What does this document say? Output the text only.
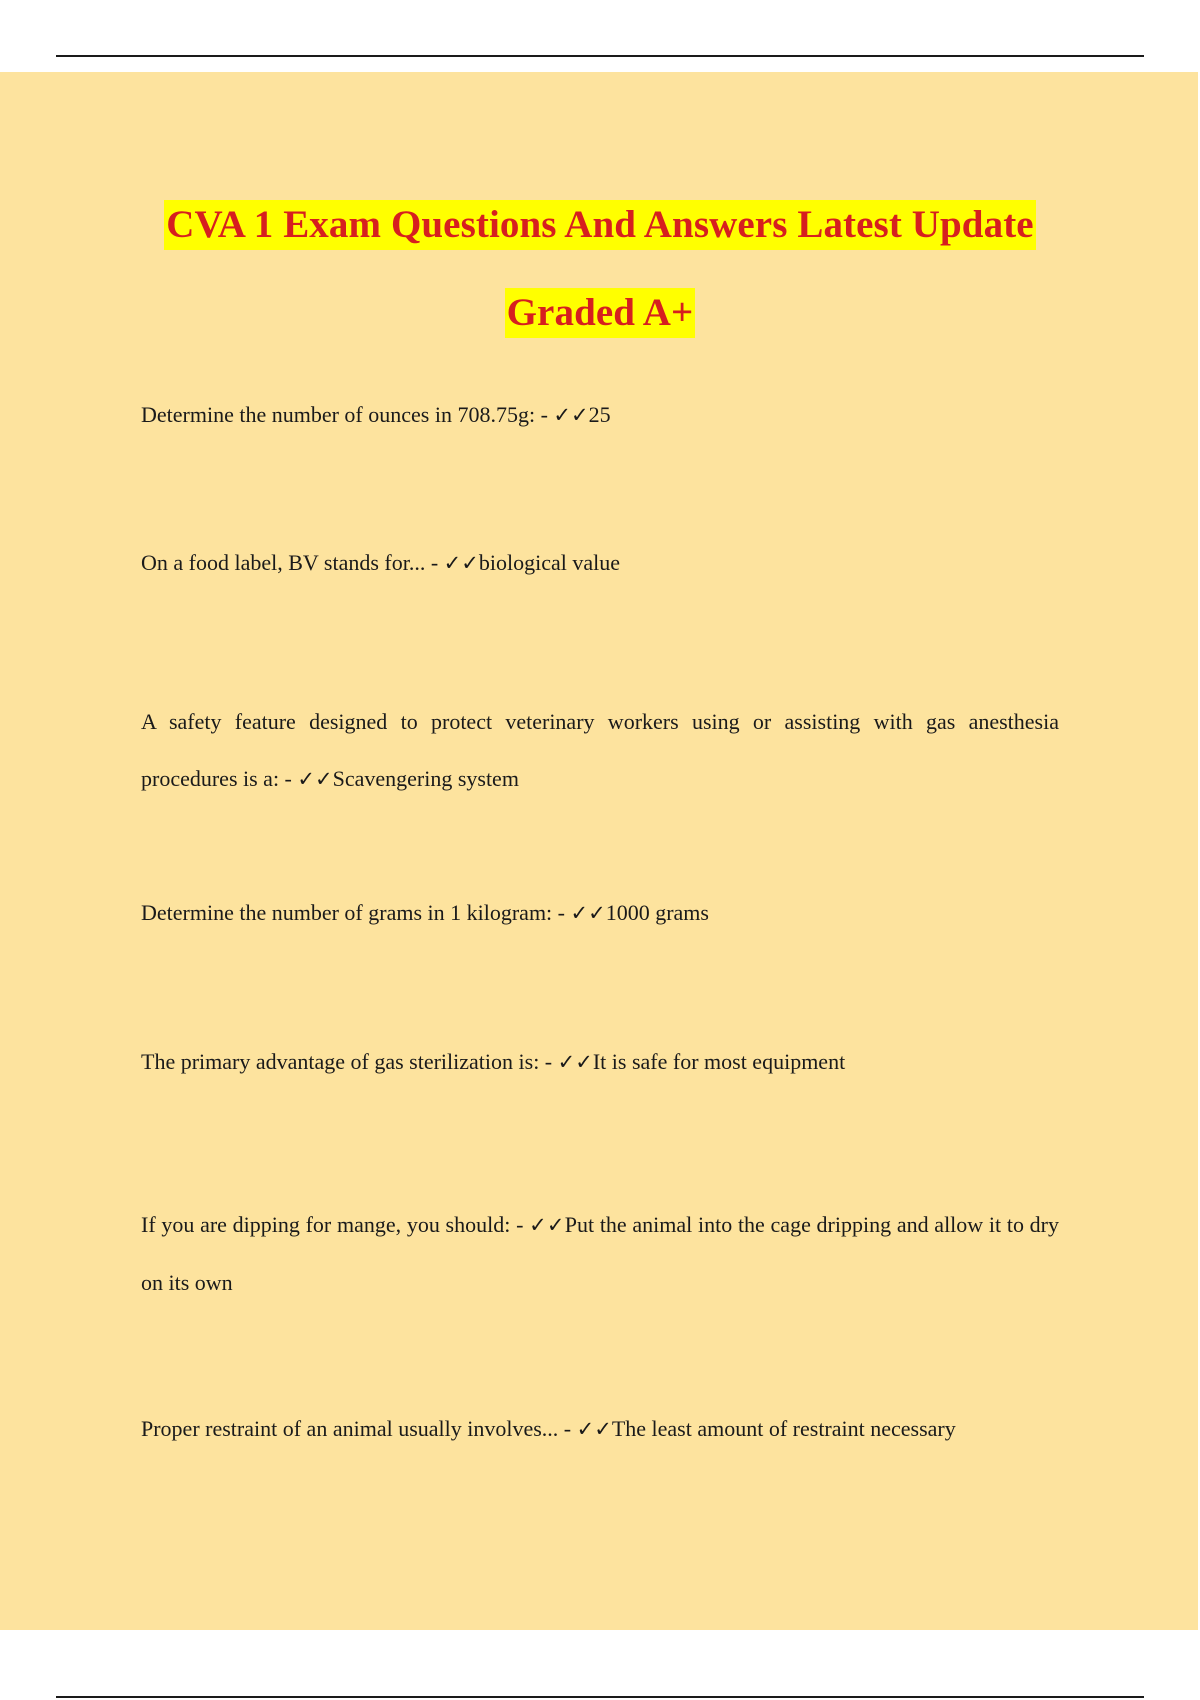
CVA 1 Exam Questions And Answers Latest Update
Graded A+

Determine the number of ounces in 708.75g: - ✓✓25

On a food label, BV stands for... - ✓✓biological value

A safety feature designed to protect veterinary workers using or assisting with gas anesthesia procedures is a: - ✓✓Scavengering system

Determine the number of grams in 1 kilogram: - ✓✓1000 grams

The primary advantage of gas sterilization is: - ✓✓It is safe for most equipment

If you are dipping for mange, you should: - ✓✓Put the animal into the cage dripping and allow it to dry on its own

Proper restraint of an animal usually involves... - ✓✓The least amount of restraint necessary
